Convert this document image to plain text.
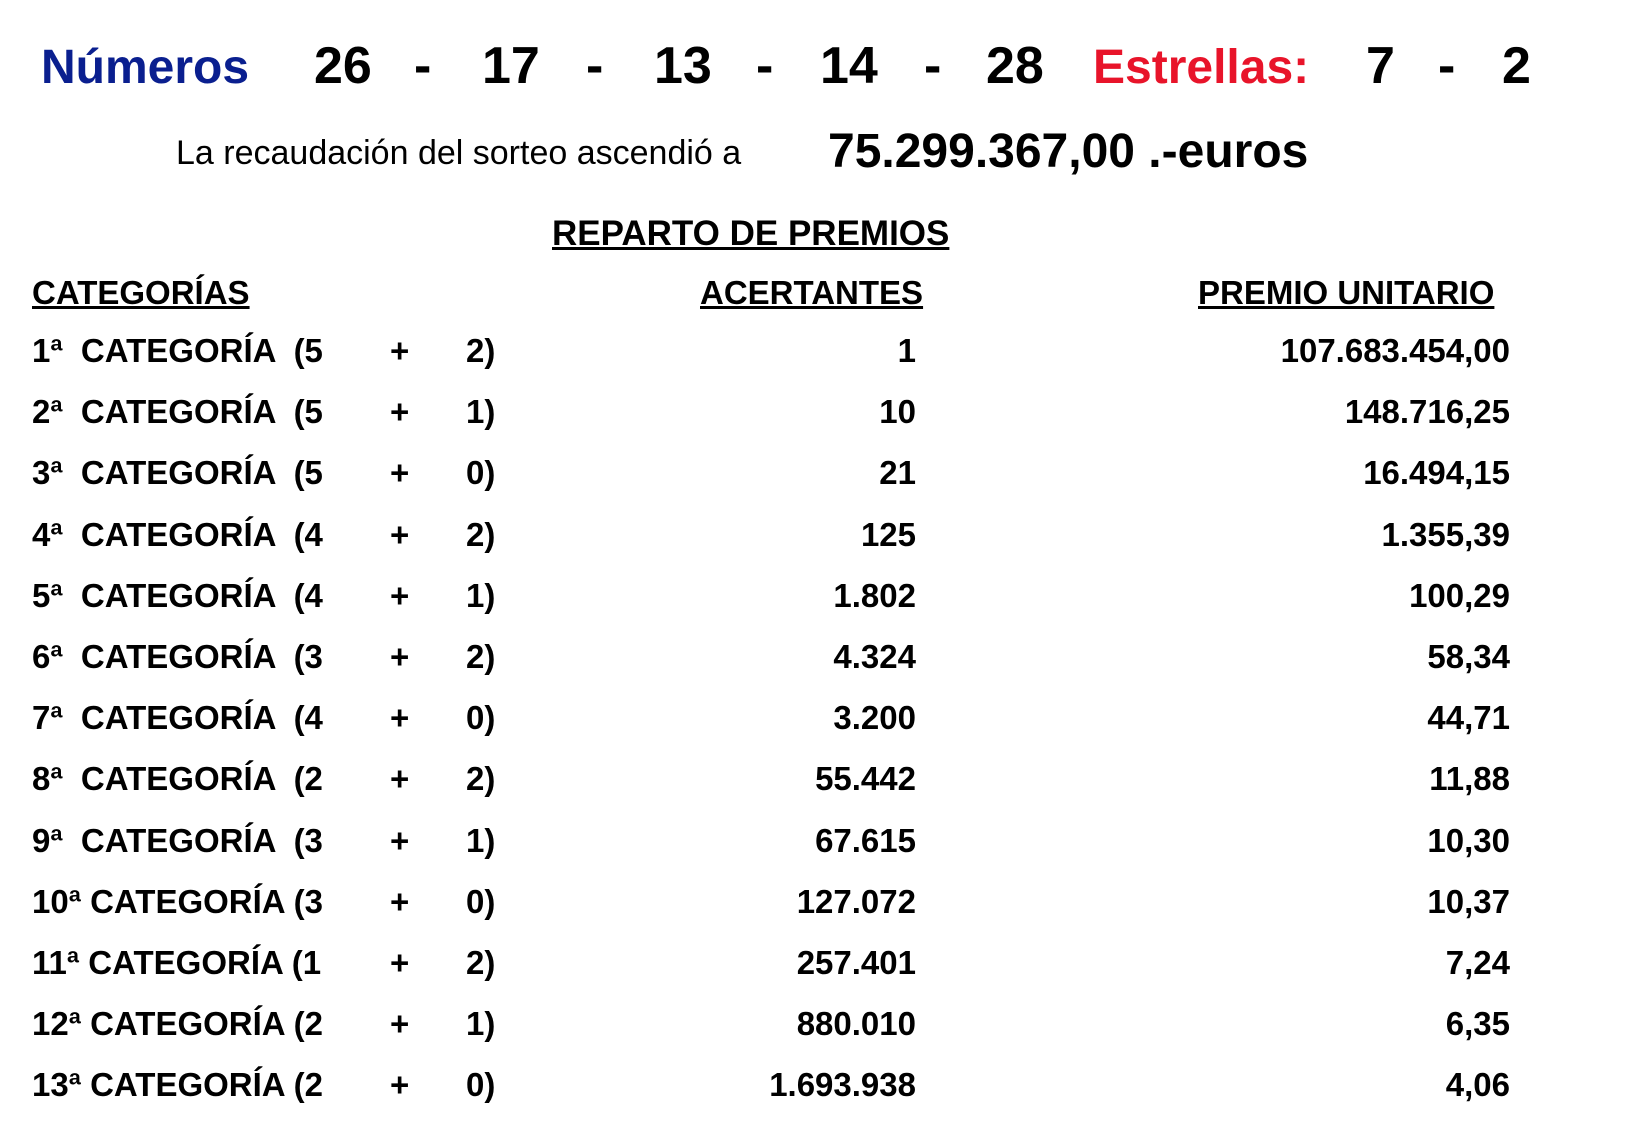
Números 26 - 17 - 13 - 14 - 28 Estrellas: 7 - 2
La recaudación del sorteo ascendió a 75.299.367,00 .-euros
REPARTO DE PREMIOS
CATEGORÍAS	ACERTANTES	PREMIO UNITARIO
1ª  CATEGORÍA  (5 + 2)	1	107.683.454,00
2ª  CATEGORÍA  (5 + 1)	10	148.716,25
3ª  CATEGORÍA  (5 + 0)	21	16.494,15
4ª  CATEGORÍA  (4 + 2)	125	1.355,39
5ª  CATEGORÍA  (4 + 1)	1.802	100,29
6ª  CATEGORÍA  (3 + 2)	4.324	58,34
7ª  CATEGORÍA  (4 + 0)	3.200	44,71
8ª  CATEGORÍA  (2 + 2)	55.442	11,88
9ª  CATEGORÍA  (3 + 1)	67.615	10,30
10ª CATEGORÍA (3 + 0)	127.072	10,37
11ª CATEGORÍA (1 + 2)	257.401	7,24
12ª CATEGORÍA (2 + 1)	880.010	6,35
13ª CATEGORÍA (2 + 0)	1.693.938	4,06
